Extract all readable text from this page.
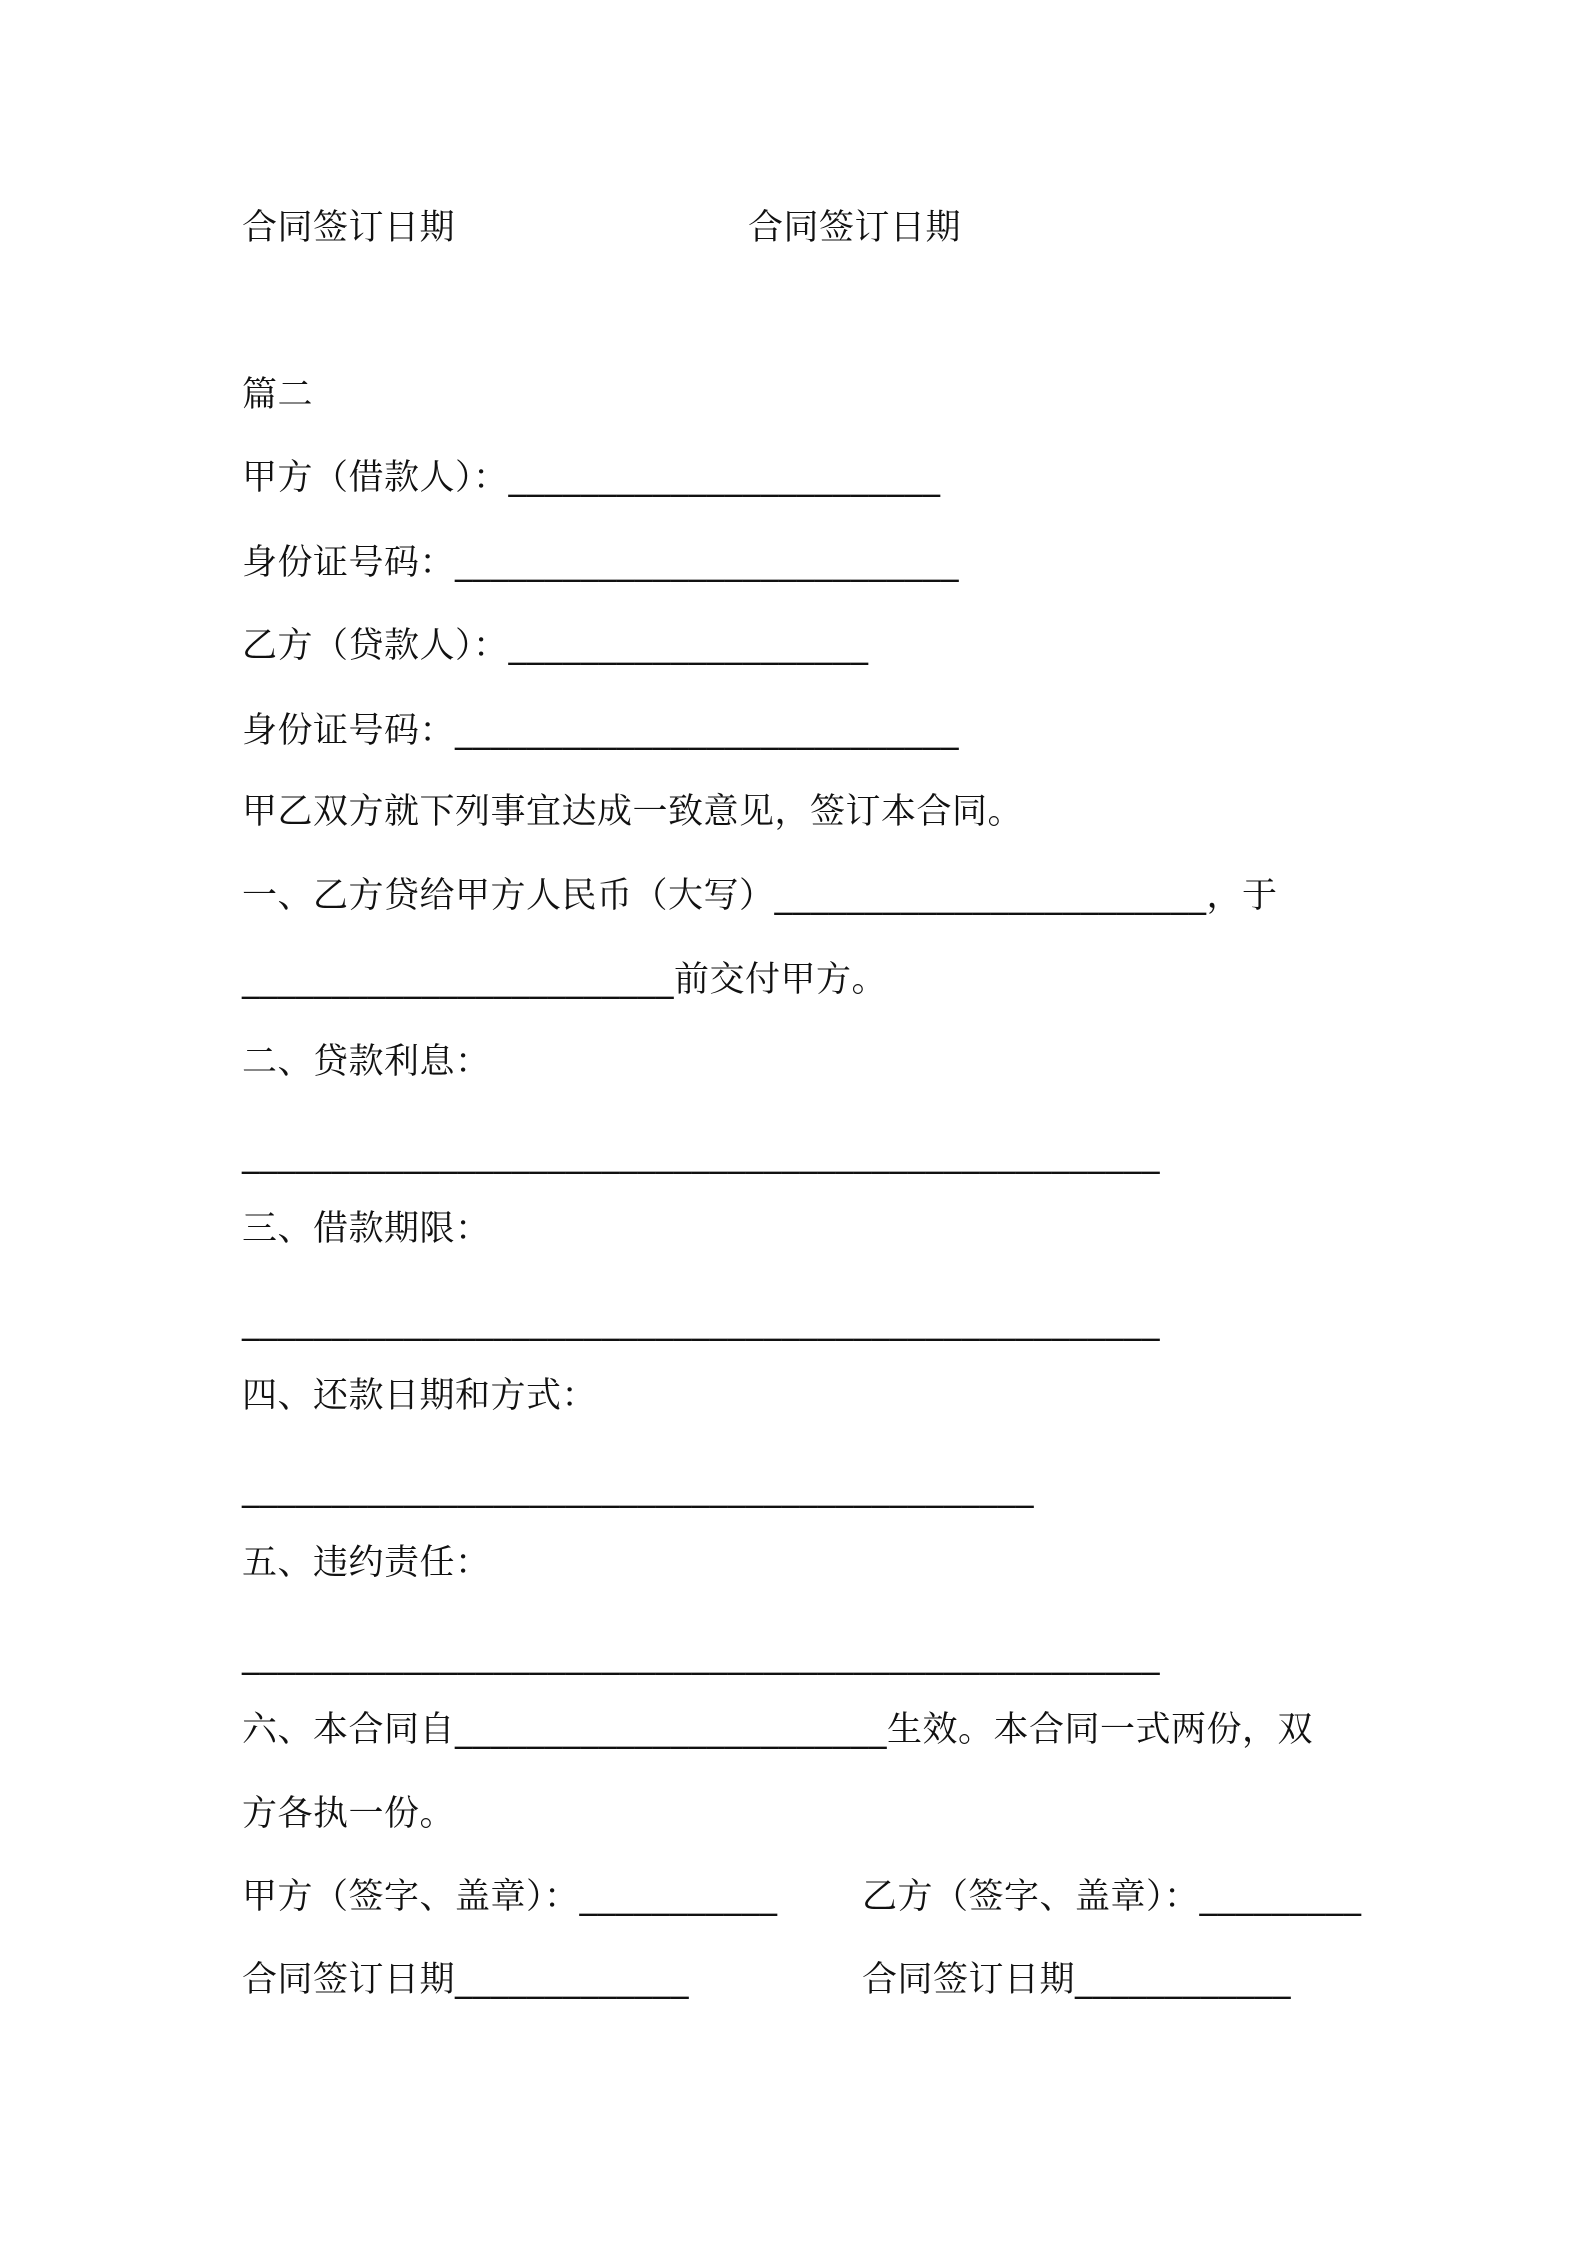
合同签订日期	合同签订日期
篇二
甲方（借款人）：________________________
身份证号码：____________________________
乙方（贷款人）：____________________
身份证号码：____________________________
甲乙双方就下列事宜达成一致意见，签订本合同。
一、乙方贷给甲方人民币（大写）________________________，于
________________________前交付甲方。
二、贷款利息：
___________________________________________________
三、借款期限：
___________________________________________________
四、还款日期和方式：
____________________________________________
五、违约责任：
___________________________________________________
六、本合同自________________________生效。本合同一式两份，双
方各执一份。
甲方（签字、盖章）：___________ 乙方（签字、盖章）：_________
合同签订日期_____________	合同签订日期____________
